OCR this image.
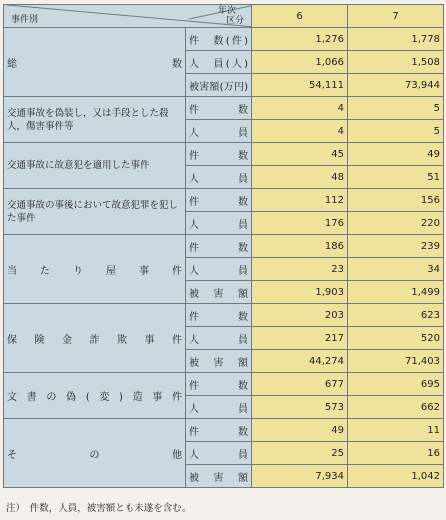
事件別 区分
年次		6	7

総　　　　　　　　数	件　数(件)	1,276	1,778

	人　員(人)	1,066	1,508

	被害額(万円)	54,111	73,944
交通事故を偽装し，又は手段とした殺人，傷害事件等	件数	4	5

	人員	4	5
交通事故に故意犯を適用した事件	件数	45	49

	人員	48	51
交通事故の事後において故意犯罪を犯した事件	件数	112	156

	人員	176	220

当たり屋事件	件数	186	239

	人員	23	34

	被害額	1,903	1,499

保険金詐欺事件	件数	203	623

	人員	217	520

	被害額	44,274	71,403

文書の偽(変)造事件	件数	677	695

	人員	573	662

その他	件数	49	11

	人員	25	16

	被害額	7,934	1,042
注）　件数，人員，被害額とも未遂を含む。
